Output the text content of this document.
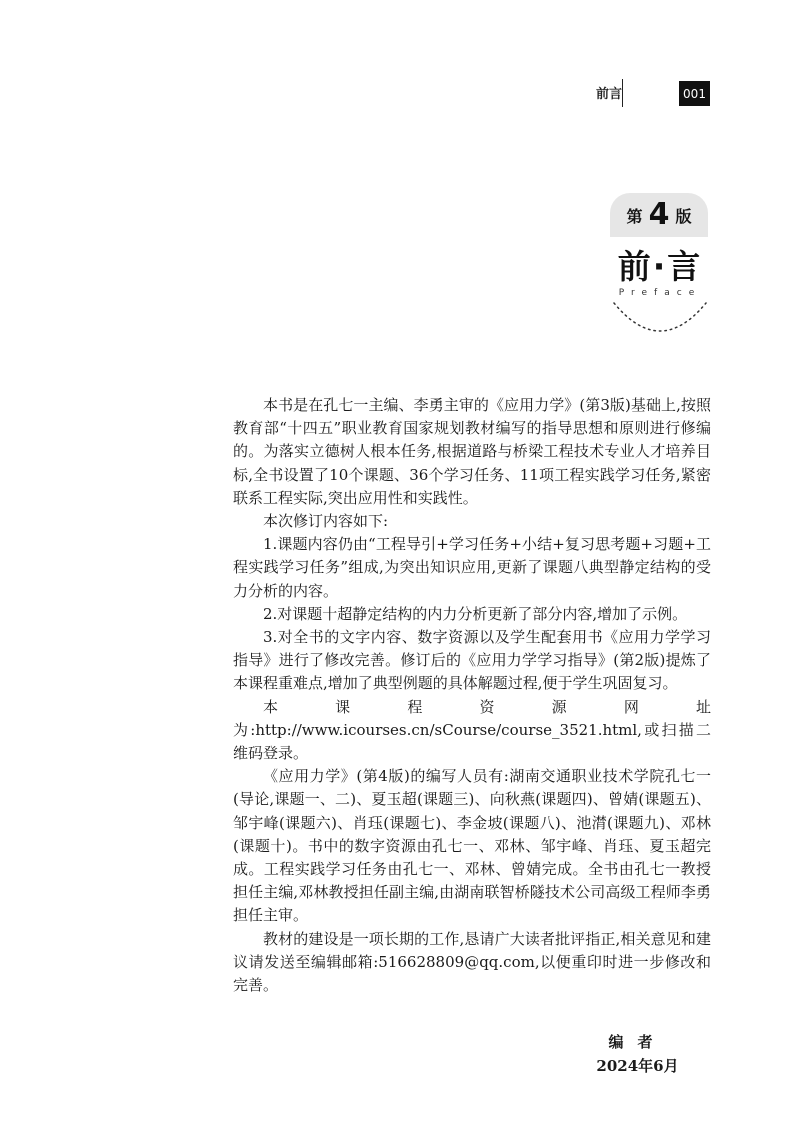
前言	001
第 4 版
前·言
Preface

本书是在孔七一主编、李勇主审的《应用力学》(第3版)基础上,按照教育部“十四五”职业教育国家规划教材编写的指导思想和原则进行修编的。为落实立德树人根本任务,根据道路与桥梁工程技术专业人才培养目标,全书设置了10个课题、36个学习任务、11项工程实践学习任务,紧密联系工程实际,突出应用性和实践性。

本次修订内容如下:

1.课题内容仍由“工程导引+学习任务+小结+复习思考题+习题+工程实践学习任务”组成,为突出知识应用,更新了课题八典型静定结构的受力分析的内容。

2.对课题十超静定结构的内力分析更新了部分内容,增加了示例。

3.对全书的文字内容、数字资源以及学生配套用书《应用力学学习指导》进行了修改完善。修订后的《应用力学学习指导》(第2版)提炼了本课程重难点,增加了典型例题的具体解题过程,便于学生巩固复习。

本课程资源网址为:http://www.icourses.cn/sCourse/course_3521.html,或扫描二维码登录。

《应用力学》(第4版)的编写人员有:湖南交通职业技术学院孔七一(导论,课题一、二)、夏玉超(课题三)、向秋燕(课题四)、曾婧(课题五)、邹宇峰(课题六)、肖珏(课题七)、李金坡(课题八)、池潸(课题九)、邓林(课题十)。书中的数字资源由孔七一、邓林、邹宇峰、肖珏、夏玉超完成。工程实践学习任务由孔七一、邓林、曾婧完成。全书由孔七一教授担任主编,邓林教授担任副主编,由湖南联智桥隧技术公司高级工程师李勇担任主审。

教材的建设是一项长期的工作,恳请广大读者批评指正,相关意见和建议请发送至编辑邮箱:516628809@qq.com,以便重印时进一步修改和完善。

编者
2024年6月
